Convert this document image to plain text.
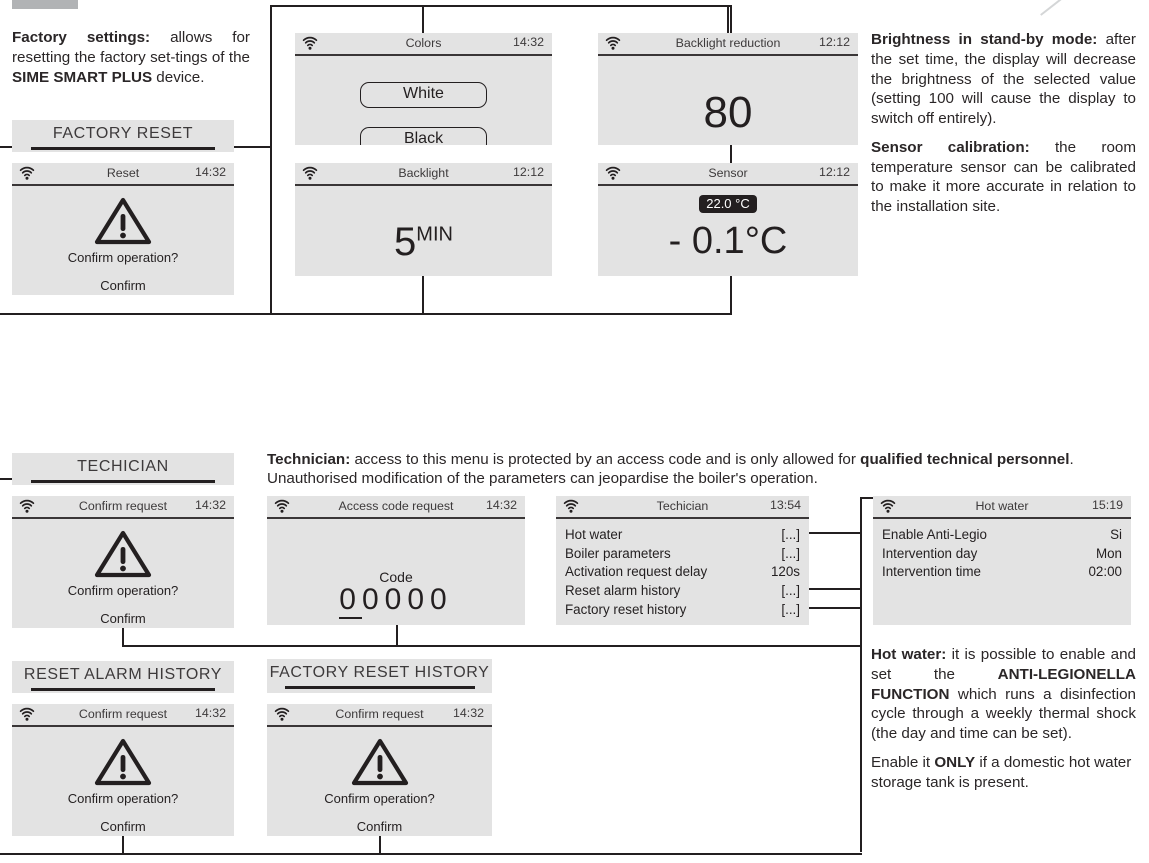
Factory settings: allows for resetting the factory set-tings of the SIME SMART PLUS device.

FACTORY RESET
Reset	14:32
Confirm operation?
Confirm
Colors	14:32
White
Black
Backlight	12:12
$5^{MIN}$
Backlight reduction	12:12
80
Sensor	12:12
22.0 °C
- 0.1°C

Brightness in stand-by mode: after the set time, the display will decrease the brightness of the selected value (setting 100 will cause the display to switch off entirely).

Sensor calibration: the room temperature sensor can be calibrated to make it more accurate in relation to the installation site.

TECHICIAN
Confirm request	14:32
Confirm operation?
Confirm

Technician: access to this menu is protected by an access code and is only allowed for qualified technical personnel. Unauthorised modification of the parameters can jeopardise the boiler's operation.

Access code request	14:32
Code
00000
Techician	13:54
Hot water	[...]
Boiler parameters	[...]
Activation request delay	120s
Reset alarm history	[...]
Factory reset history	[...]
Hot water	15:19
Enable Anti-Legio	Si
Intervention day	Mon
Intervention time	02:00
RESET ALARM HISTORY
Confirm request	14:32
Confirm operation?
Confirm
FACTORY RESET HISTORY
Confirm request	14:32
Confirm operation?
Confirm

Hot water: it is possible to enable and set the ANTI-LEGIONELLA FUNCTION which runs a disinfection cycle through a weekly thermal shock (the day and time can be set).

Enable it ONLY if a domestic hot water storage tank is present.
